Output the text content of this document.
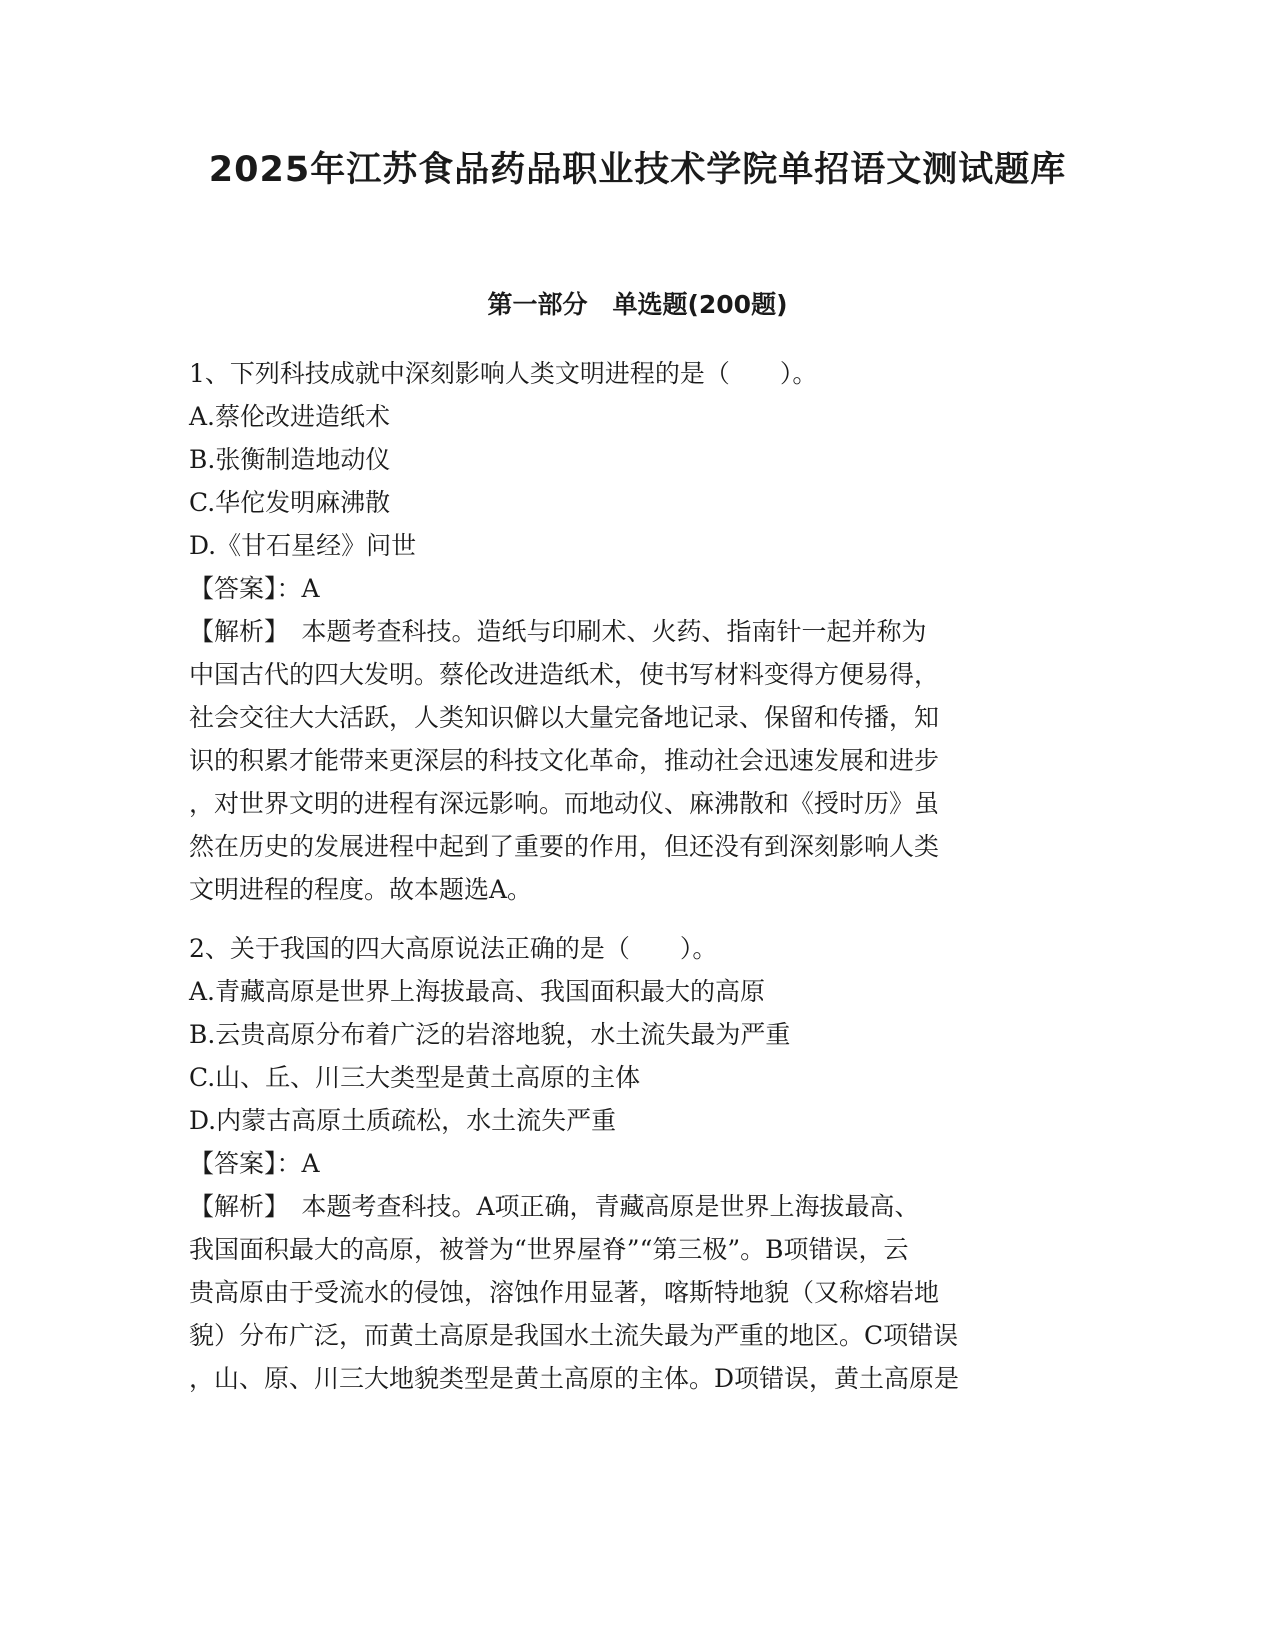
2025年江苏食品药品职业技术学院单招语文测试题库
第一部分　单选题(200题)
1、下列科技成就中深刻影响人类文明进程的是（　　）。
A.蔡伦改进造纸术
B.张衡制造地动仪
C.华佗发明麻沸散
D.《甘石星经》问世
【答案】：A
【解析】　本题考查科技。造纸与印刷术、火药、指南针一起并称为
中国古代的四大发明。蔡伦改进造纸术，使书写材料变得方便易得，
社会交往大大活跃，人类知识僻以大量完备地记录、保留和传播，知
识的积累才能带来更深层的科技文化革命，推动社会迅速发展和进步
，对世界文明的进程有深远影响。而地动仪、麻沸散和《授时历》虽
然在历史的发展进程中起到了重要的作用，但还没有到深刻影响人类
文明进程的程度。故本题选A。
2、关于我国的四大高原说法正确的是（　　）。
A.青藏高原是世界上海拔最高、我国面积最大的高原
B.云贵高原分布着广泛的岩溶地貌，水土流失最为严重
C.山、丘、川三大类型是黄土高原的主体
D.内蒙古高原土质疏松，水土流失严重
【答案】：A
【解析】　本题考查科技。A项正确，青藏高原是世界上海拔最高、
我国面积最大的高原，被誉为“世界屋脊”“第三极”。B项错误，云
贵高原由于受流水的侵蚀，溶蚀作用显著，喀斯特地貌（又称熔岩地
貌）分布广泛，而黄土高原是我国水土流失最为严重的地区。C项错误
，山、原、川三大地貌类型是黄土高原的主体。D项错误，黄土高原是
